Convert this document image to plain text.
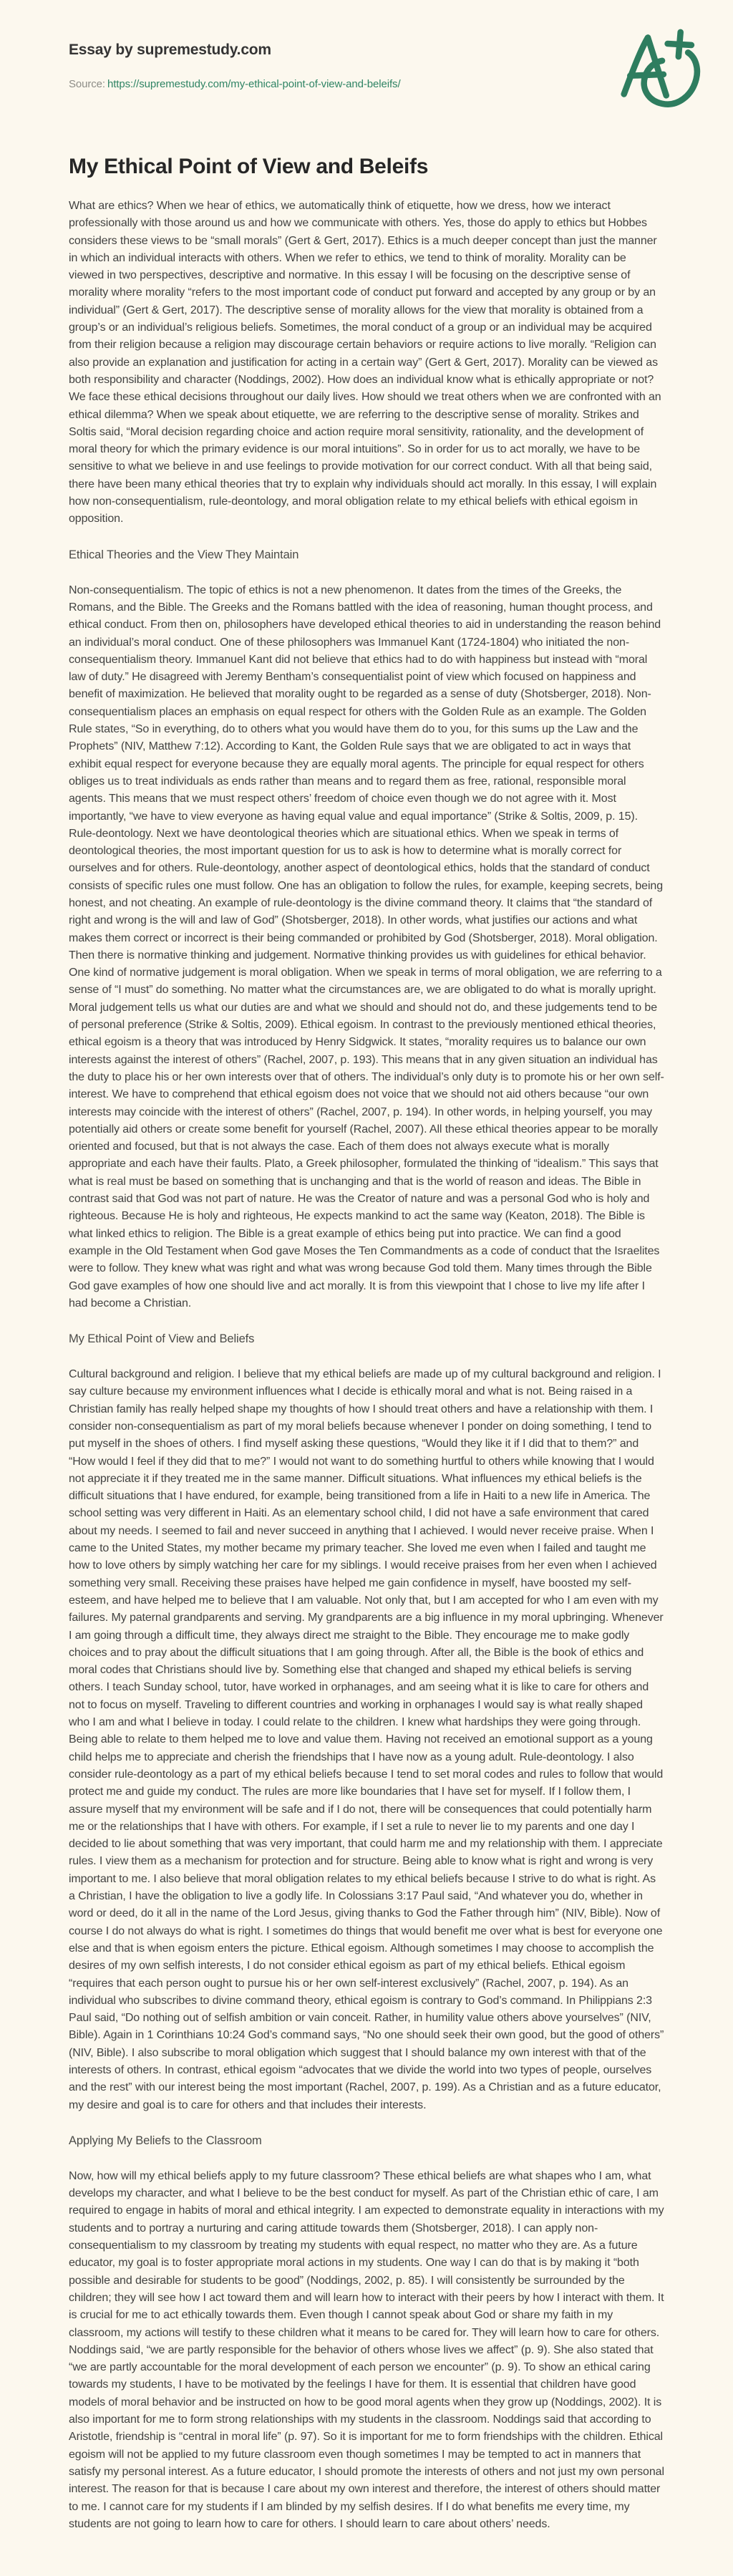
Essay by supremestudy.com

Source: https://supremestudy.com/my-ethical-point-of-view-and-beleifs/

My Ethical Point of View and Beleifs

What are ethics? When we hear of ethics, we automatically think of etiquette, how we dress, how we interact professionally with those around us and how we communicate with others. Yes, those do apply to ethics but Hobbes considers these views to be “small morals” (Gert & Gert, 2017). Ethics is a much deeper concept than just the manner in which an individual interacts with others. When we refer to ethics, we tend to think of morality. Morality can be viewed in two perspectives, descriptive and normative. In this essay I will be focusing on the descriptive sense of morality where morality “refers to the most important code of conduct put forward and accepted by any group or by an individual” (Gert & Gert, 2017). The descriptive sense of morality allows for the view that morality is obtained from a group’s or an individual’s religious beliefs. Sometimes, the moral conduct of a group or an individual may be acquired from their religion because a religion may discourage certain behaviors or require actions to live morally. “Religion can also provide an explanation and justification for acting in a certain way” (Gert & Gert, 2017). Morality can be viewed as both responsibility and character (Noddings, 2002). How does an individual know what is ethically appropriate or not? We face these ethical decisions throughout our daily lives. How should we treat others when we are confronted with an ethical dilemma? When we speak about etiquette, we are referring to the descriptive sense of morality. Strikes and Soltis said, “Moral decision regarding choice and action require moral sensitivity, rationality, and the development of moral theory for which the primary evidence is our moral intuitions”. So in order for us to act morally, we have to be sensitive to what we believe in and use feelings to provide motivation for our correct conduct. With all that being said, there have been many ethical theories that try to explain why individuals should act morally. In this essay, I will explain how non-consequentialism, rule-deontology, and moral obligation relate to my ethical beliefs with ethical egoism in opposition.

Ethical Theories and the View They Maintain

Non-consequentialism. The topic of ethics is not a new phenomenon. It dates from the times of the Greeks, the Romans, and the Bible. The Greeks and the Romans battled with the idea of reasoning, human thought process, and ethical conduct. From then on, philosophers have developed ethical theories to aid in understanding the reason behind an individual’s moral conduct. One of these philosophers was Immanuel Kant (1724-1804) who initiated the non-consequentialism theory. Immanuel Kant did not believe that ethics had to do with happiness but instead with “moral law of duty.” He disagreed with Jeremy Bentham’s consequentialist point of view which focused on happiness and benefit of maximization. He believed that morality ought to be regarded as a sense of duty (Shotsberger, 2018). Non-consequentialism places an emphasis on equal respect for others with the Golden Rule as an example. The Golden Rule states, “So in everything, do to others what you would have them do to you, for this sums up the Law and the Prophets” (NIV, Matthew 7:12). According to Kant, the Golden Rule says that we are obligated to act in ways that exhibit equal respect for everyone because they are equally moral agents. The principle for equal respect for others obliges us to treat individuals as ends rather than means and to regard them as free, rational, responsible moral agents. This means that we must respect others’ freedom of choice even though we do not agree with it. Most importantly, “we have to view everyone as having equal value and equal importance” (Strike & Soltis, 2009, p. 15). Rule-deontology. Next we have deontological theories which are situational ethics. When we speak in terms of deontological theories, the most important question for us to ask is how to determine what is morally correct for ourselves and for others. Rule-deontology, another aspect of deontological ethics, holds that the standard of conduct consists of specific rules one must follow. One has an obligation to follow the rules, for example, keeping secrets, being honest, and not cheating. An example of rule-deontology is the divine command theory. It claims that “the standard of right and wrong is the will and law of God” (Shotsberger, 2018). In other words, what justifies our actions and what makes them correct or incorrect is their being commanded or prohibited by God (Shotsberger, 2018). Moral obligation. Then there is normative thinking and judgement. Normative thinking provides us with guidelines for ethical behavior. One kind of normative judgement is moral obligation. When we speak in terms of moral obligation, we are referring to a sense of “I must” do something. No matter what the circumstances are, we are obligated to do what is morally upright. Moral judgement tells us what our duties are and what we should and should not do, and these judgements tend to be of personal preference (Strike & Soltis, 2009). Ethical egoism. In contrast to the previously mentioned ethical theories, ethical egoism is a theory that was introduced by Henry Sidgwick. It states, “morality requires us to balance our own interests against the interest of others” (Rachel, 2007, p. 193). This means that in any given situation an individual has the duty to place his or her own interests over that of others. The individual’s only duty is to promote his or her own self-interest. We have to comprehend that ethical egoism does not voice that we should not aid others because “our own interests may coincide with the interest of others” (Rachel, 2007, p. 194). In other words, in helping yourself, you may potentially aid others or create some benefit for yourself (Rachel, 2007). All these ethical theories appear to be morally oriented and focused, but that is not always the case. Each of them does not always execute what is morally appropriate and each have their faults. Plato, a Greek philosopher, formulated the thinking of “idealism.” This says that what is real must be based on something that is unchanging and that is the world of reason and ideas. The Bible in contrast said that God was not part of nature. He was the Creator of nature and was a personal God who is holy and righteous. Because He is holy and righteous, He expects mankind to act the same way (Keaton, 2018). The Bible is what linked ethics to religion. The Bible is a great example of ethics being put into practice. We can find a good example in the Old Testament when God gave Moses the Ten Commandments as a code of conduct that the Israelites were to follow. They knew what was right and what was wrong because God told them. Many times through the Bible God gave examples of how one should live and act morally. It is from this viewpoint that I chose to live my life after I had become a Christian.

My Ethical Point of View and Beliefs

Cultural background and religion. I believe that my ethical beliefs are made up of my cultural background and religion. I say culture because my environment influences what I decide is ethically moral and what is not. Being raised in a Christian family has really helped shape my thoughts of how I should treat others and have a relationship with them. I consider non-consequentialism as part of my moral beliefs because whenever I ponder on doing something, I tend to put myself in the shoes of others. I find myself asking these questions, “Would they like it if I did that to them?” and “How would I feel if they did that to me?” I would not want to do something hurtful to others while knowing that I would not appreciate it if they treated me in the same manner. Difficult situations. What influences my ethical beliefs is the difficult situations that I have endured, for example, being transitioned from a life in Haiti to a new life in America. The school setting was very different in Haiti. As an elementary school child, I did not have a safe environment that cared about my needs. I seemed to fail and never succeed in anything that I achieved. I would never receive praise. When I came to the United States, my mother became my primary teacher. She loved me even when I failed and taught me how to love others by simply watching her care for my siblings. I would receive praises from her even when I achieved something very small. Receiving these praises have helped me gain confidence in myself, have boosted my self-esteem, and have helped me to believe that I am valuable. Not only that, but I am accepted for who I am even with my failures. My paternal grandparents and serving. My grandparents are a big influence in my moral upbringing. Whenever I am going through a difficult time, they always direct me straight to the Bible. They encourage me to make godly choices and to pray about the difficult situations that I am going through. After all, the Bible is the book of ethics and moral codes that Christians should live by. Something else that changed and shaped my ethical beliefs is serving others. I teach Sunday school, tutor, have worked in orphanages, and am seeing what it is like to care for others and not to focus on myself. Traveling to different countries and working in orphanages I would say is what really shaped who I am and what I believe in today. I could relate to the children. I knew what hardships they were going through. Being able to relate to them helped me to love and value them. Having not received an emotional support as a young child helps me to appreciate and cherish the friendships that I have now as a young adult. Rule-deontology. I also consider rule-deontology as a part of my ethical beliefs because I tend to set moral codes and rules to follow that would protect me and guide my conduct. The rules are more like boundaries that I have set for myself. If I follow them, I assure myself that my environment will be safe and if I do not, there will be consequences that could potentially harm me or the relationships that I have with others. For example, if I set a rule to never lie to my parents and one day I decided to lie about something that was very important, that could harm me and my relationship with them. I appreciate rules. I view them as a mechanism for protection and for structure. Being able to know what is right and wrong is very important to me. I also believe that moral obligation relates to my ethical beliefs because I strive to do what is right. As a Christian, I have the obligation to live a godly life. In Colossians 3:17 Paul said, “And whatever you do, whether in word or deed, do it all in the name of the Lord Jesus, giving thanks to God the Father through him” (NIV, Bible). Now of course I do not always do what is right. I sometimes do things that would benefit me over what is best for everyone one else and that is when egoism enters the picture. Ethical egoism. Although sometimes I may choose to accomplish the desires of my own selfish interests, I do not consider ethical egoism as part of my ethical beliefs. Ethical egoism “requires that each person ought to pursue his or her own self-interest exclusively” (Rachel, 2007, p. 194). As an individual who subscribes to divine command theory, ethical egoism is contrary to God’s command. In Philippians 2:3 Paul said, “Do nothing out of selfish ambition or vain conceit. Rather, in humility value others above yourselves” (NIV, Bible). Again in 1 Corinthians 10:24 God’s command says, “No one should seek their own good, but the good of others” (NIV, Bible). I also subscribe to moral obligation which suggest that I should balance my own interest with that of the interests of others. In contrast, ethical egoism “advocates that we divide the world into two types of people, ourselves and the rest” with our interest being the most important (Rachel, 2007, p. 199). As a Christian and as a future educator, my desire and goal is to care for others and that includes their interests.

Applying My Beliefs to the Classroom

Now, how will my ethical beliefs apply to my future classroom? These ethical beliefs are what shapes who I am, what develops my character, and what I believe to be the best conduct for myself. As part of the Christian ethic of care, I am required to engage in habits of moral and ethical integrity. I am expected to demonstrate equality in interactions with my students and to portray a nurturing and caring attitude towards them (Shotsberger, 2018). I can apply non-consequentialism to my classroom by treating my students with equal respect, no matter who they are. As a future educator, my goal is to foster appropriate moral actions in my students. One way I can do that is by making it “both possible and desirable for students to be good” (Noddings, 2002, p. 85). I will consistently be surrounded by the children; they will see how I act toward them and will learn how to interact with their peers by how I interact with them. It is crucial for me to act ethically towards them. Even though I cannot speak about God or share my faith in my classroom, my actions will testify to these children what it means to be cared for. They will learn how to care for others. Noddings said, “we are partly responsible for the behavior of others whose lives we affect” (p. 9). She also stated that “we are partly accountable for the moral development of each person we encounter” (p. 9). To show an ethical caring towards my students, I have to be motivated by the feelings I have for them. It is essential that children have good models of moral behavior and be instructed on how to be good moral agents when they grow up (Noddings, 2002). It is also important for me to form strong relationships with my students in the classroom. Noddings said that according to Aristotle, friendship is “central in moral life” (p. 97). So it is important for me to form friendships with the children. Ethical egoism will not be applied to my future classroom even though sometimes I may be tempted to act in manners that satisfy my personal interest. As a future educator, I should promote the interests of others and not just my own personal interest. The reason for that is because I care about my own interest and therefore, the interest of others should matter to me. I cannot care for my students if I am blinded by my selfish desires. If I do what benefits me every time, my students are not going to learn how to care for others. I should learn to care about others’ needs.
